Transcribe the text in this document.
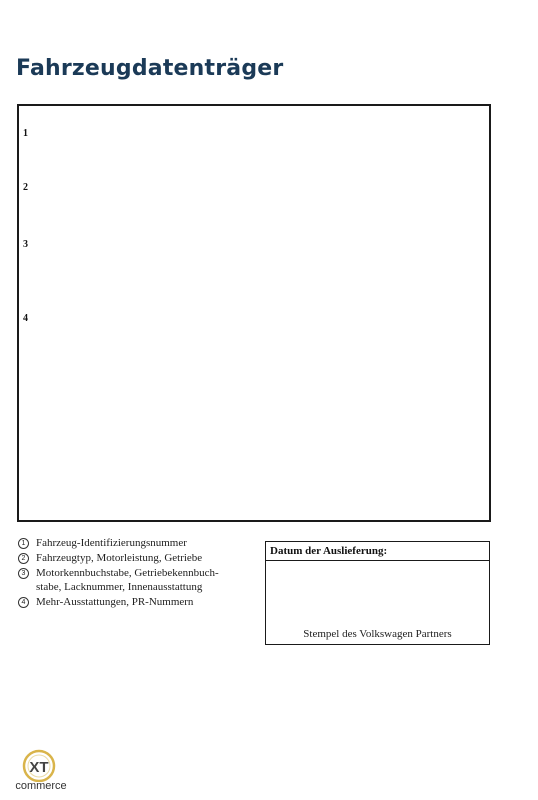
Fahrzeugdatenträger
1
2
3
4
1 Fahrzeug-Identifizierungsnummer
2 Fahrzeugtyp, Motorleistung, Getriebe
3 Motorkennbuchstabe, Getriebekennbuch-
stabe, Lacknummer, Innenausstattung
4 Mehr-Ausstattungen, PR-Nummern
Datum der Auslieferung:
Stempel des Volkswagen Partners
XT
commerce
